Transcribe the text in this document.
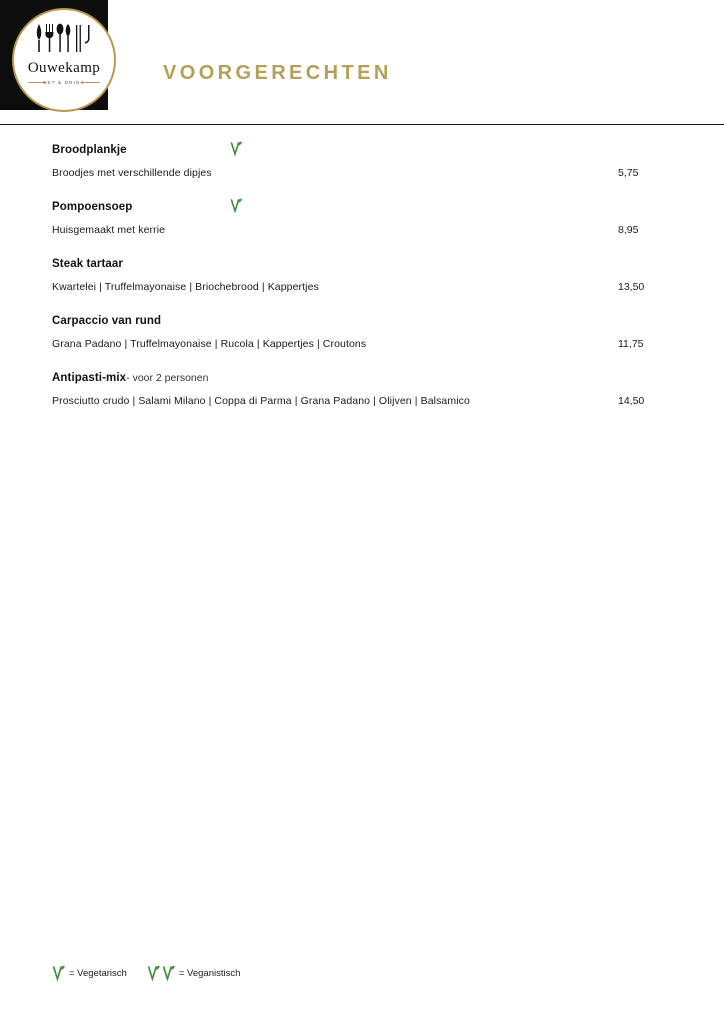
Ouwekamp
EET & DRINK	VOORGERECHTEN
Broodplankje
Broodjes met verschillende dipjes	5,75
Pompoensoep
Huisgemaakt met kerrie	8,95
Steak tartaar
Kwartelei | Truffelmayonaise | Briochebrood | Kappertjes	13,50
Carpaccio van rund
Grana Padano | Truffelmayonaise | Rucola | Kappertjes | Croutons	11,75
Antipasti-mix - voor 2 personen
Prosciutto crudo | Salami Milano | Coppa di Parma | Grana Padano | Olijven | Balsamico	14,50
= Vegetarisch	= Veganistisch
